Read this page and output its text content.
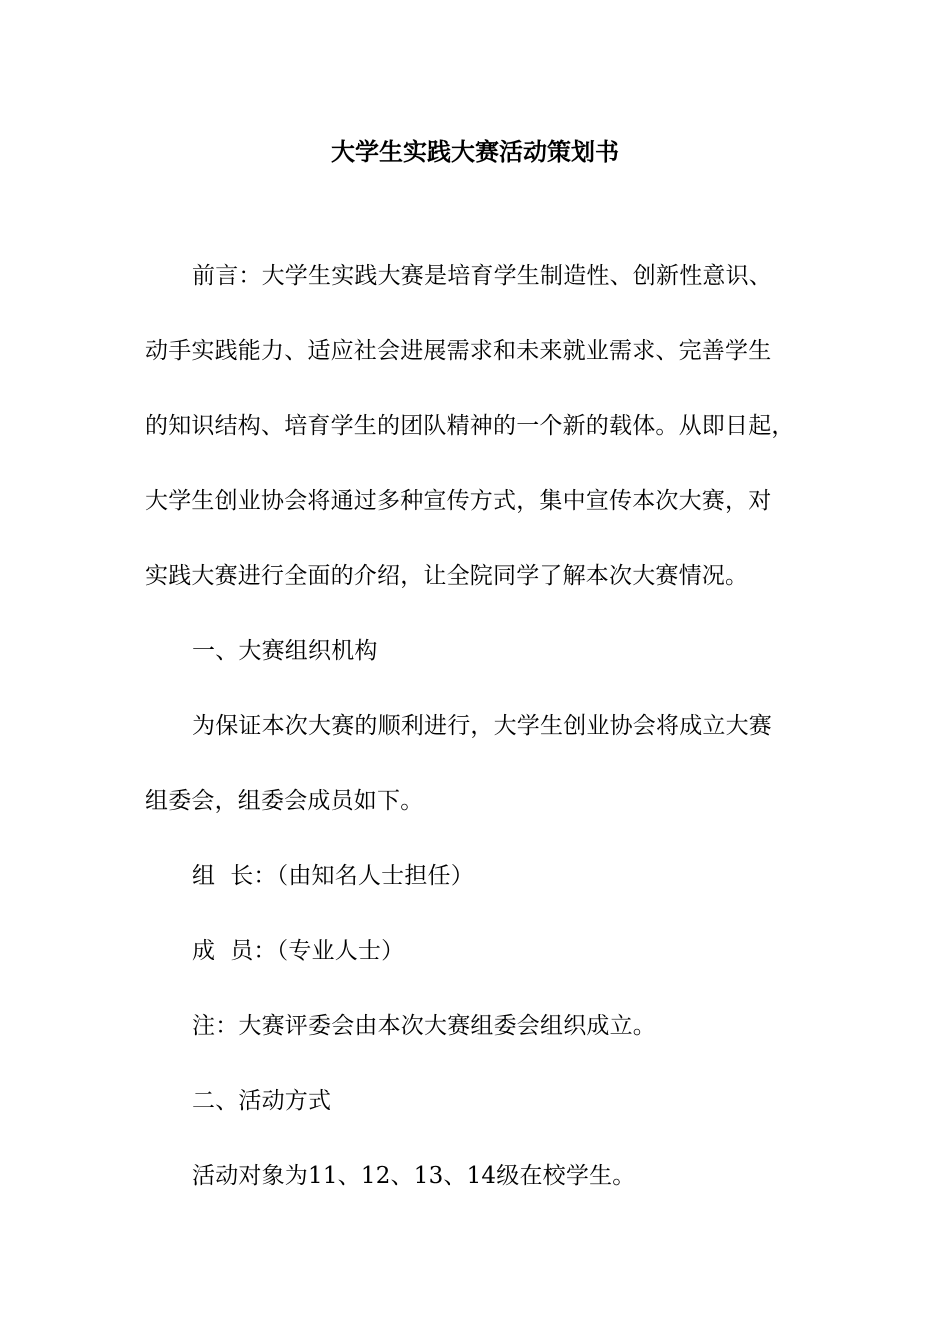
大学生实践大赛活动策划书
前言：大学生实践大赛是培育学生制造性、创新性意识、
动手实践能力、适应社会进展需求和未来就业需求、完善学生
的知识结构、培育学生的团队精神的一个新的载体。从即日起，
大学生创业协会将通过多种宣传方式，集中宣传本次大赛，对
实践大赛进行全面的介绍，让全院同学了解本次大赛情况。
一、大赛组织机构
为保证本次大赛的顺利进行，大学生创业协会将成立大赛
组委会，组委会成员如下。
组  长：（由知名人士担任）
成  员：（专业人士）
注：大赛评委会由本次大赛组委会组织成立。
二、活动方式
活动对象为11、12、13、14级在校学生。
